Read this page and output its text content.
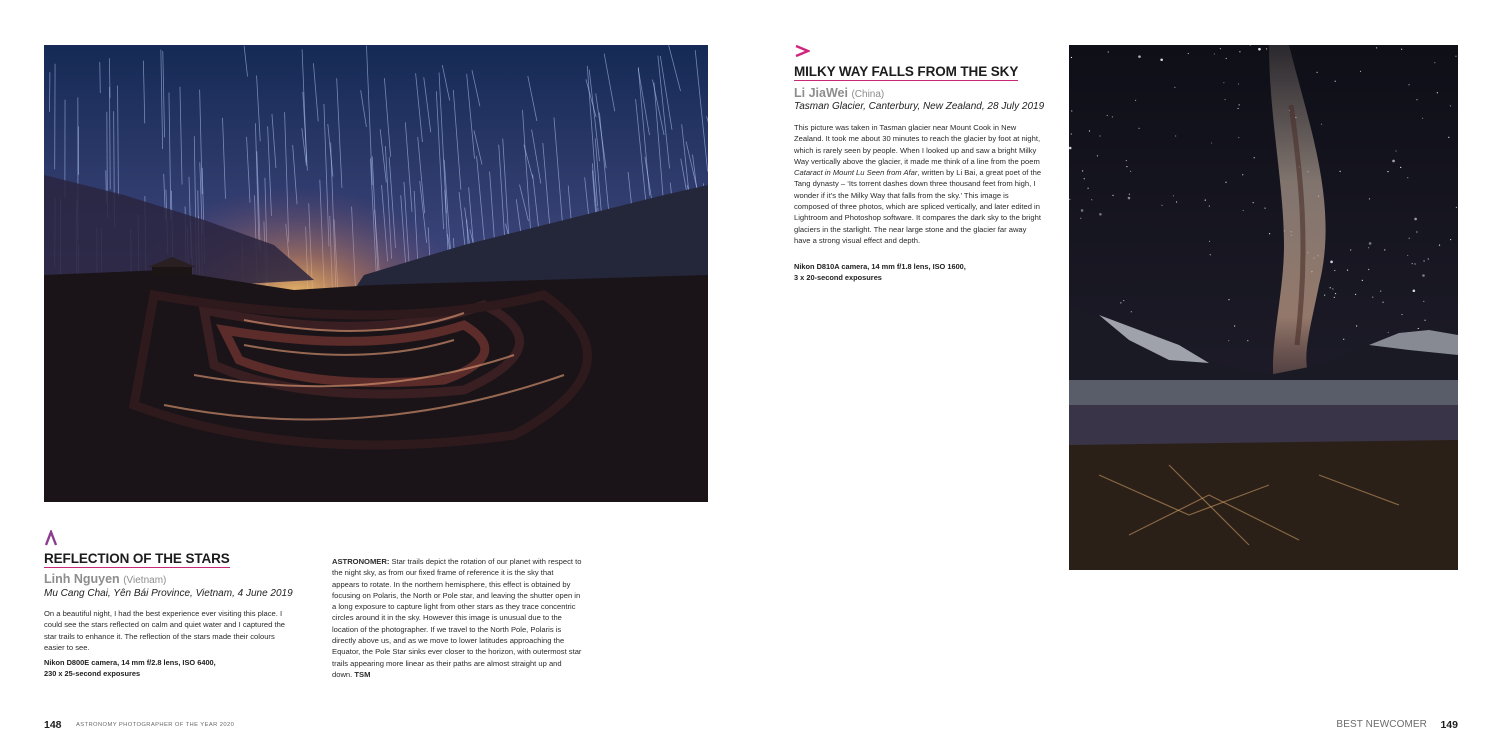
REFLECTION OF THE STARS
Linh Nguyen (Vietnam)
Mu Cang Chai, Yên Bái Province, Vietnam, 4 June 2019

On a beautiful night, I had the best experience ever visiting this place. I could see the stars reflected on calm and quiet water and I captured the star trails to enhance it. The reflection of the stars made their colours easier to see.

Nikon D800E camera, 14 mm f/2.8 lens, ISO 6400,
230 x 25-second exposures

ASTRONOMER: Star trails depict the rotation of our planet with respect to the night sky, as from our fixed frame of reference it is the sky that appears to rotate. In the northern hemisphere, this effect is obtained by focusing on Polaris, the North or Pole star, and leaving the shutter open in a long exposure to capture light from other stars as they trace concentric circles around it in the sky. However this image is unusual due to the location of the photographer. If we travel to the North Pole, Polaris is directly above us, and as we move to lower latitudes approaching the Equator, the Pole Star sinks ever closer to the horizon, with outermost star trails appearing more linear as their paths are almost straight up and down. TSM

MILKY WAY FALLS FROM THE SKY
Li JiaWei (China)
Tasman Glacier, Canterbury, New Zealand, 28 July 2019

This picture was taken in Tasman glacier near Mount Cook in New Zealand. It took me about 30 minutes to reach the glacier by foot at night, which is rarely seen by people. When I looked up and saw a bright Milky Way vertically above the glacier, it made me think of a line from the poem Cataract in Mount Lu Seen from Afar, written by Li Bai, a great poet of the Tang dynasty – ‘Its torrent dashes down three thousand feet from high, I wonder if it’s the Milky Way that falls from the sky.’ This image is composed of three photos, which are spliced vertically, and later edited in Lightroom and Photoshop software. It compares the dark sky to the bright glaciers in the starlight. The near large stone and the glacier far away have a strong visual effect and depth.

Nikon D810A camera, 14 mm f/1.8 lens, ISO 1600,
3 x 20-second exposures

148 ASTRONOMY PHOTOGRAPHER OF THE YEAR 2020	BEST NEWCOMER 149
